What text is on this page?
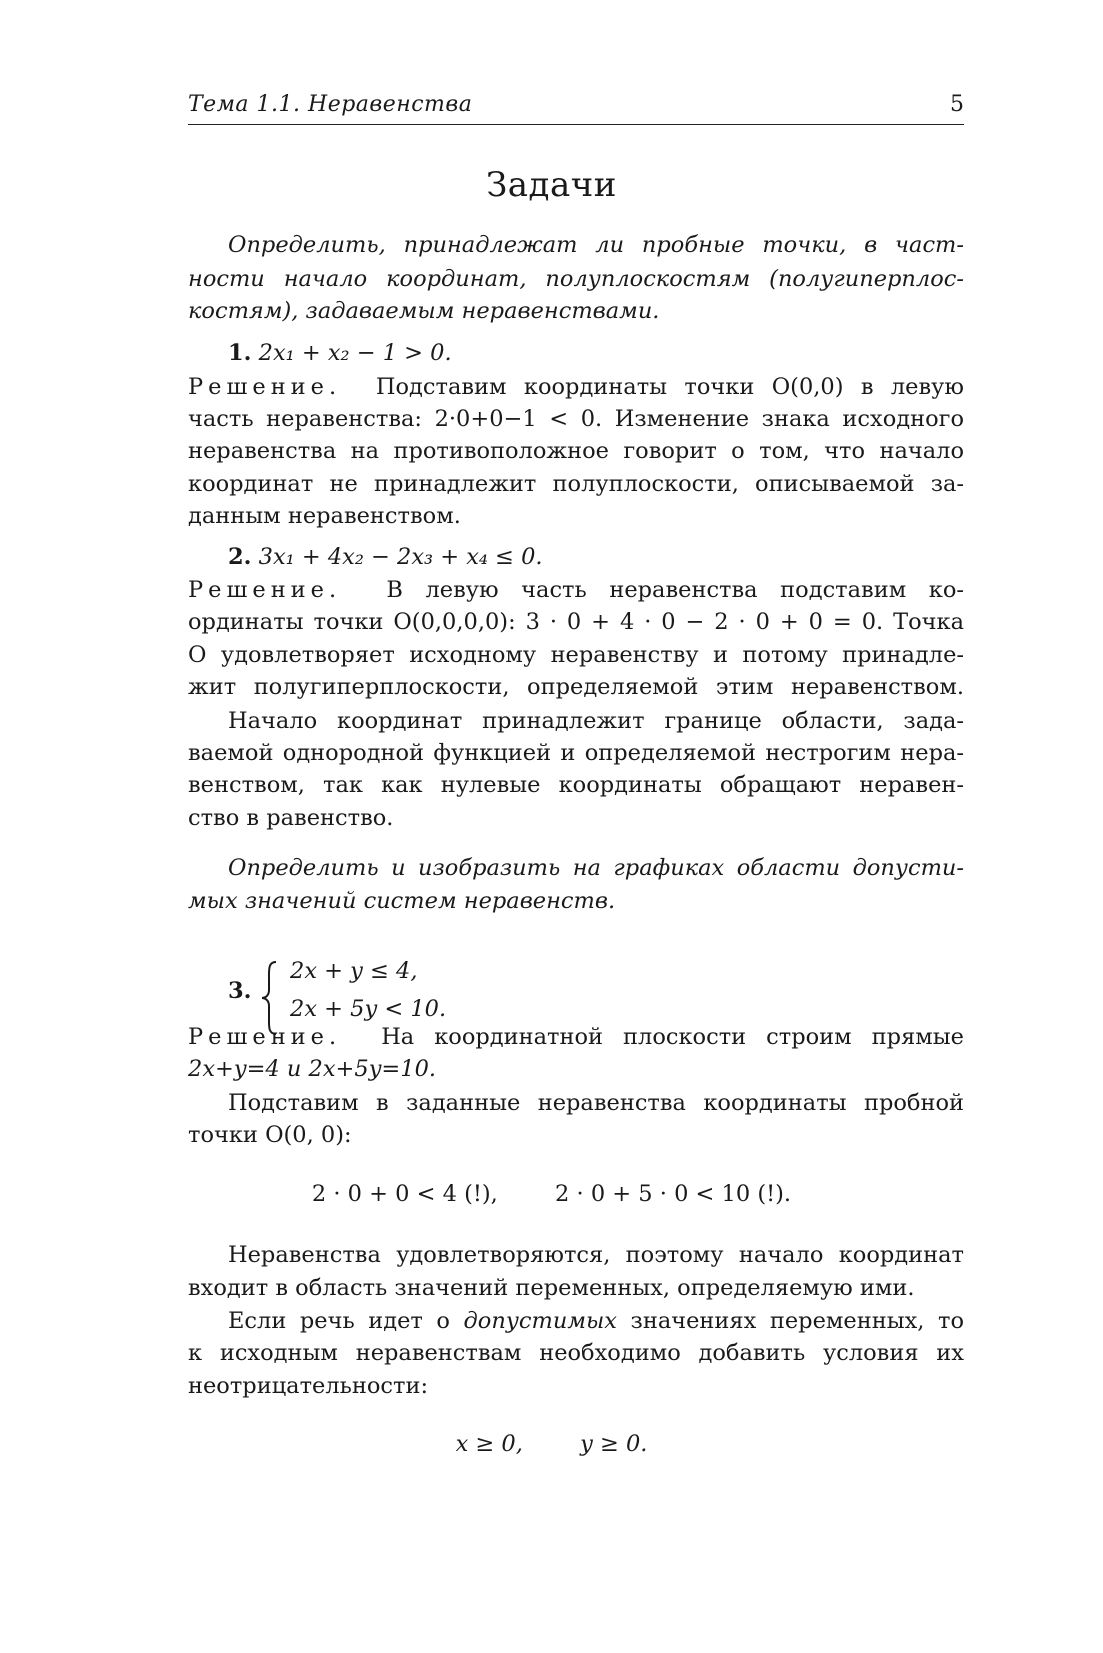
Тема 1.1. Неравенства	5
Задачи
Определить, принадлежат ли пробные точки, в част-
ности начало координат, полуплоскостям (полугиперплос-
костям), задаваемым неравенствами.
1. 2x₁ + x₂ − 1 > 0.
Решение. Подставим координаты точки O(0,0) в левую
часть неравенства: 2·0+0−1 < 0. Изменение знака исходного
неравенства на противоположное говорит о том, что начало
координат не принадлежит полуплоскости, описываемой за-
данным неравенством.
2. 3x₁ + 4x₂ − 2x₃ + x₄ ≤ 0.
Решение. В левую часть неравенства подставим ко-
ординаты точки O(0,0,0,0): 3 · 0 + 4 · 0 − 2 · 0 + 0 = 0. Точка
O удовлетворяет исходному неравенству и потому принадле-
жит полугиперплоскости, определяемой этим неравенством.
Начало координат принадлежит границе области, зада-
ваемой однородной функцией и определяемой нестрогим нера-
венством, так как нулевые координаты обращают нерaвен-
ство в равенство.
Определить и изобразить на графиках области допусти-
мых значений систем неравенств.
3.
2x + y ≤ 4,
2x + 5y < 10.
Решение. На координатной плоскости строим прямые
2x+y=4 и 2x+5y=10.
Подставим в заданные неравенства координаты пробной
точки O(0, 0):
2 · 0 + 0 < 4 (!),        2 · 0 + 5 · 0 < 10 (!).
Неравенства удовлетворяются, поэтому начало координат
входит в область значений переменных, определяемую ими.
Если речь идет о допустимых значениях переменных, то
к исходным неравенствам необходимо добавить условия их
неотрицательности:
x ≥ 0,        y ≥ 0.
